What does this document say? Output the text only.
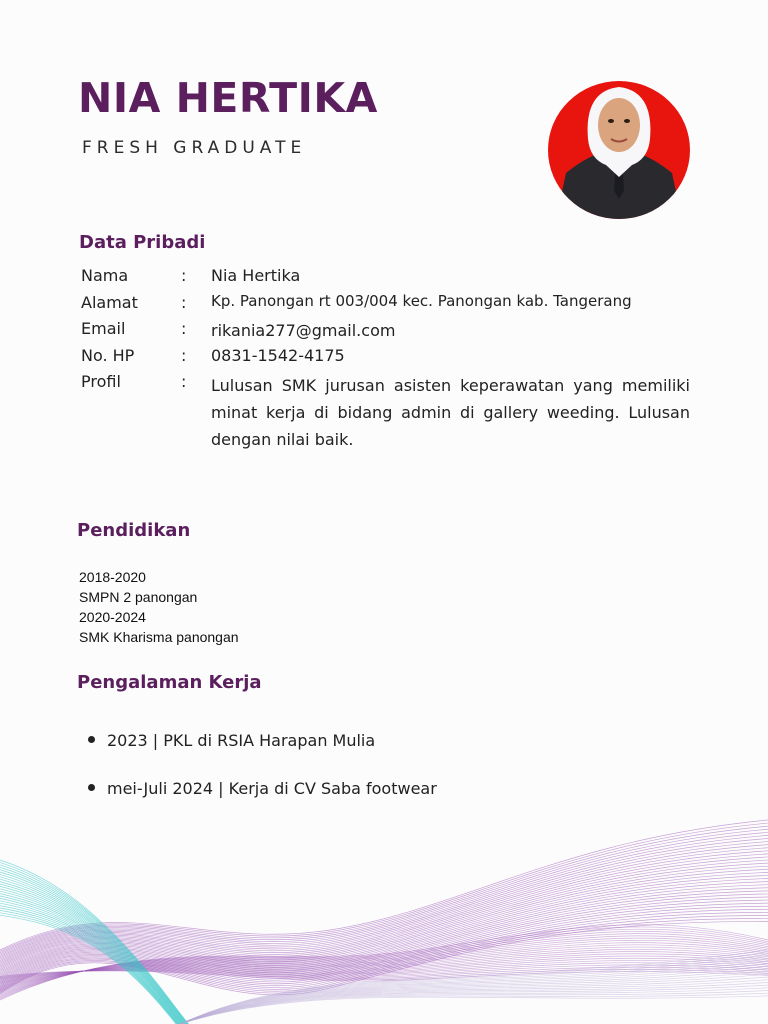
NIA HERTIKA
FRESH GRADUATE
Data Pribadi
Nama	: Nia Hertika
Alamat	: Kp. Panongan rt 003/004 kec. Panongan kab. Tangerang
Email	: rikania277@gmail.com
No. HP	: 0831-1542-4175
Profil	: Lulusan SMK jurusan asisten keperawatan yang memiliki minat kerja di bidang admin di gallery weeding. Lulusan dengan nilai baik.
Pendidikan
2018-2020
SMPN 2 panongan
2020-2024
SMK Kharisma panongan
Pengalaman Kerja
2023 | PKL di RSIA Harapan Mulia
mei-Juli 2024 | Kerja di CV Saba footwear
